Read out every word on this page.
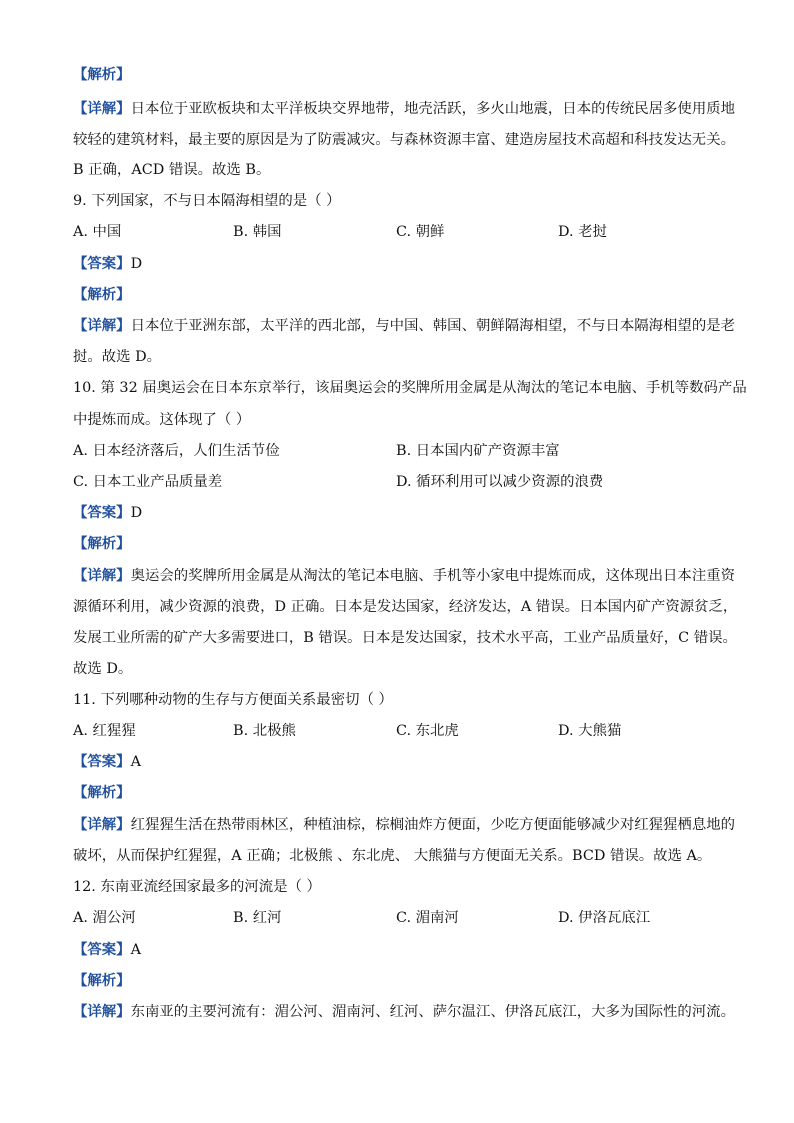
【解析】
【详解】日本位于亚欧板块和太平洋板块交界地带，地壳活跃，多火山地震，日本的传统民居多使用质地
较轻的建筑材料，最主要的原因是为了防震减灾。与森林资源丰富、建造房屋技术高超和科技发达无关。
B 正确，ACD 错误。故选 B。
9. 下列国家，不与日本隔海相望的是（ ）
A. 中国	B. 韩国	C. 朝鲜	D. 老挝
【答案】D
【解析】
【详解】日本位于亚洲东部，太平洋的西北部，与中国、韩国、朝鲜隔海相望，不与日本隔海相望的是老
挝。故选 D。
10. 第 32 届奥运会在日本东京举行，该届奥运会的奖牌所用金属是从淘汰的笔记本电脑、手机等数码产品
中提炼而成。这体现了（ ）
A. 日本经济落后，人们生活节俭	B. 日本国内矿产资源丰富
C. 日本工业产品质量差	D. 循环利用可以减少资源的浪费
【答案】D
【解析】
【详解】奥运会的奖牌所用金属是从淘汰的笔记本电脑、手机等小家电中提炼而成，这体现出日本注重资
源循环利用，减少资源的浪费，D 正确。日本是发达国家，经济发达，A 错误。日本国内矿产资源贫乏，
发展工业所需的矿产大多需要进口，B 错误。日本是发达国家，技术水平高，工业产品质量好，C 错误。
故选 D。
11. 下列哪种动物的生存与方便面关系最密切（ ）
A. 红猩猩	B. 北极熊	C. 东北虎	D. 大熊猫
【答案】A
【解析】
【详解】红猩猩生活在热带雨林区，种植油棕，棕榈油炸方便面，少吃方便面能够减少对红猩猩栖息地的
破坏，从而保护红猩猩，A 正确；北极熊 、东北虎、 大熊猫与方便面无关系。BCD 错误。故选 A。
12. 东南亚流经国家最多的河流是（ ）
A. 湄公河	B. 红河	C. 湄南河	D. 伊洛瓦底江
【答案】A
【解析】
【详解】东南亚的主要河流有：湄公河、湄南河、红河、萨尔温江、伊洛瓦底江，大多为国际性的河流。
